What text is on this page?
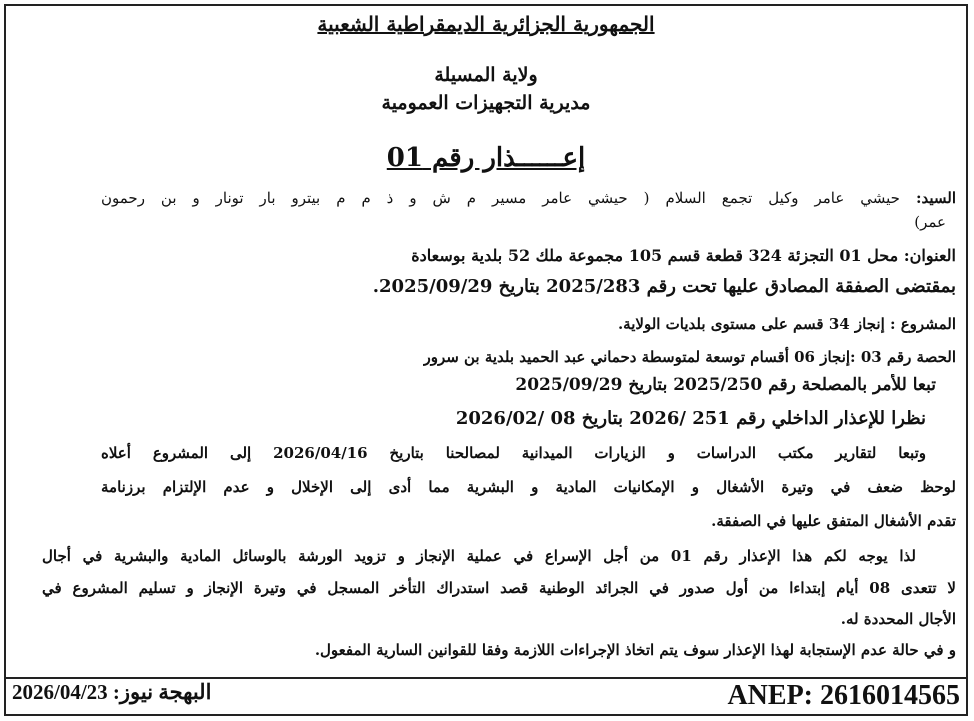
الجمهورية الجزائرية الديمقراطية الشعبية
ولاية المسيلة
مديرية التجهيزات العمومية
إعــــــذار رقم 01
السيد: حيشي عامر وكيل تجمع السلام ( حيشي عامر مسير م ش و ذ م م بيترو بار تونار و بن رحمون
عمر)
العنوان: محل 01 التجزئة 324 قطعة قسم 105 مجموعة ملك 52 بلدية بوسعادة
بمقتضى الصفقة المصادق عليها تحت رقم 2025/283 بتاريخ 2025/09/29.
المشروع : إنجاز 34 قسم على مستوى بلديات الولاية.
الحصة رقم 03 :إنجاز 06 أقسام توسعة لمتوسطة دحماني عبد الحميد بلدية بن سرور
تبعا للأمر بالمصلحة رقم 2025/250 بتاريخ 2025/09/29
نظرا للإعذار الداخلي رقم 251 /2026 بتاريخ 08 /2026/02
وتبعا لتقارير مكتب الدراسات و الزيارات الميدانية لمصالحنا بتاريخ 2026/04/16 إلى المشروع أعلاه
لوحظ ضعف في وتيرة الأشغال و الإمكانيات المادية و البشرية مما أدى إلى الإخلال و عدم الإلتزام برزنامة
تقدم الأشغال المتفق عليها في الصفقة.
لذا يوجه لكم هذا الإعذار رقم 01 من أجل الإسراع في عملية الإنجاز و تزويد الورشة بالوسائل المادية والبشرية في أجال
لا تتعدى 08 أيام إبتداءا من أول صدور في الجرائد الوطنية قصد استدراك التأخر المسجل في وتيرة الإنجاز و تسليم المشروع في
الأجال المحددة له.
و في حالة عدم الإستجابة لهذا الإعذار سوف يتم اتخاذ الإجراءات اللازمة وفقا للقوانين السارية المفعول.
البهجة نيوز: 2026/04/23	ANEP: 2616014565
